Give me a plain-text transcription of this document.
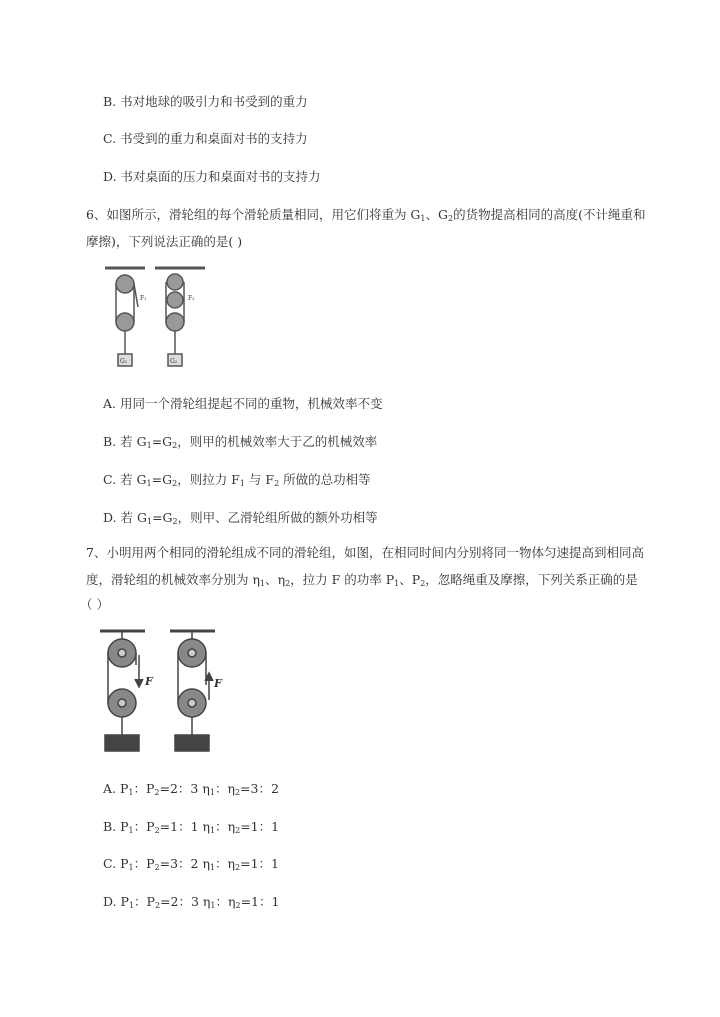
B. 书对地球的吸引力和书受到的重力
C. 书受到的重力和桌面对书的支持力
D. 书对桌面的压力和桌面对书的支持力
6、如图所示，滑轮组的每个滑轮质量相同，用它们将重为 $G_1$、$G_2$的货物提高相同的高度(不计绳重和
摩擦)，下列说法正确的是( )
F₁	F₂
G₁	G₂
A. 用同一个滑轮组提起不同的重物，机械效率不变
B. 若 $G_1=G_2$，则甲的机械效率大于乙的机械效率
C. 若 $G_1=G_2$，则拉力 $F_1$ 与 $F_2$ 所做的总功相等
D. 若 $G_1=G_2$，则甲、乙滑轮组所做的额外功相等
7、小明用两个相同的滑轮组成不同的滑轮组，如图，在相同时间内分别将同一物体匀速提高到相同高
度，滑轮组的机械效率分别为 $\eta_1$、$\eta_2$，拉力 F 的功率 $P_1$、$P_2$，忽略绳重及摩擦，下列关系正确的是
（ ）
F	F
A. $P_1$：$P_2=2$：3 $\eta_1$：$\eta_2=3$：2
B. $P_1$：$P_2=1$：1 $\eta_1$：$\eta_2=1$：1
C. $P_1$：$P_2=3$：2 $\eta_1$：$\eta_2=1$：1
D. $P_1$：$P_2=2$：3 $\eta_1$：$\eta_2=1$：1
